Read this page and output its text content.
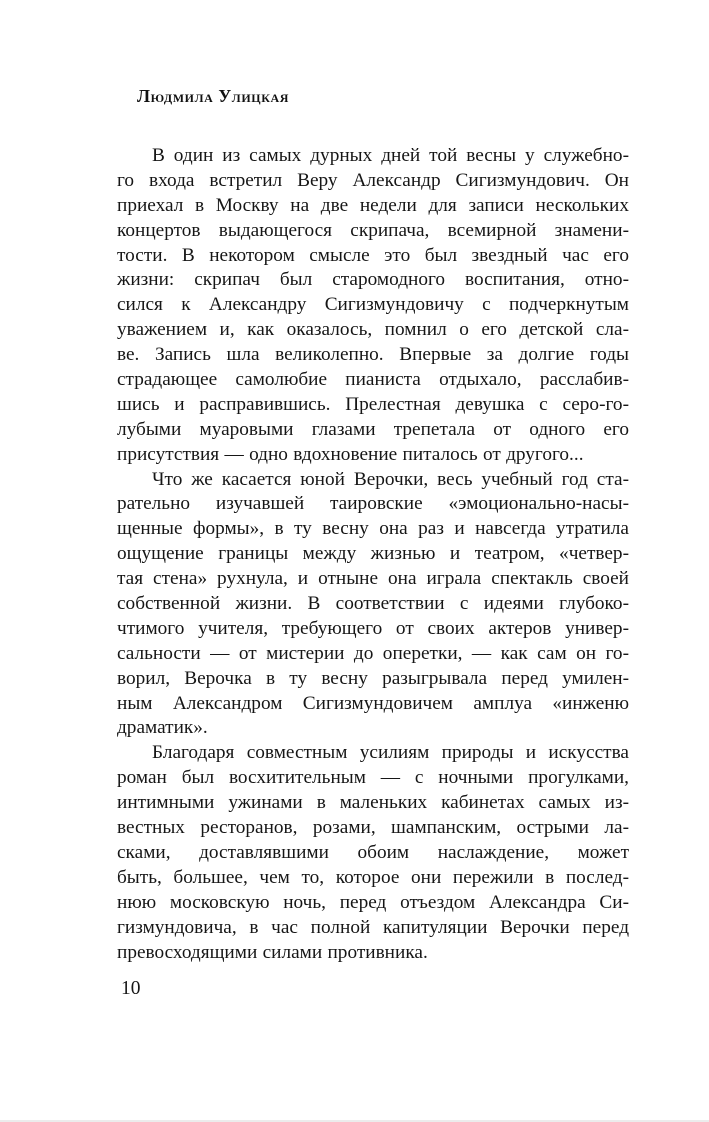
Людмила Улицкая
В один из самых дурных дней той весны у служебно-
го входа встретил Веру Александр Сигизмундович. Он
приехал в Москву на две недели для записи нескольких
концертов выдающегося скрипача, всемирной знамени-
тости. В некотором смысле это был звездный час его
жизни: скрипач был старомодного воспитания, отно-
сился к Александру Сигизмундовичу с подчеркнутым
уважением и, как оказалось, помнил о его детской сла-
ве. Запись шла великолепно. Впервые за долгие годы
страдающее самолюбие пианиста отдыхало, расслабив-
шись и расправившись. Прелестная девушка с серо-го-
лубыми муаровыми глазами трепетала от одного его
присутствия — одно вдохновение питалось от другого...
Что же касается юной Верочки, весь учебный год ста-
рательно изучавшей таировские «эмоционально-насы-
щенные формы», в ту весну она раз и навсегда утратила
ощущение границы между жизнью и театром, «четвер-
тая стена» рухнула, и отныне она играла спектакль своей
собственной жизни. В соответствии с идеями глубоко-
чтимого учителя, требующего от своих актеров универ-
сальности — от мистерии до оперетки, — как сам он го-
ворил, Верочка в ту весну разыгрывала перед умилен-
ным Александром Сигизмундовичем амплуа «инженю
драматик».
Благодаря совместным усилиям природы и искусства
роман был восхитительным — с ночными прогулками,
интимными ужинами в маленьких кабинетах самых из-
вестных ресторанов, розами, шампанским, острыми ла-
сками, доставлявшими обоим наслаждение, может
быть, большее, чем то, которое они пережили в послед-
нюю московскую ночь, перед отъездом Александра Си-
гизмундовича, в час полной капитуляции Верочки перед
превосходящими силами противника.
10
